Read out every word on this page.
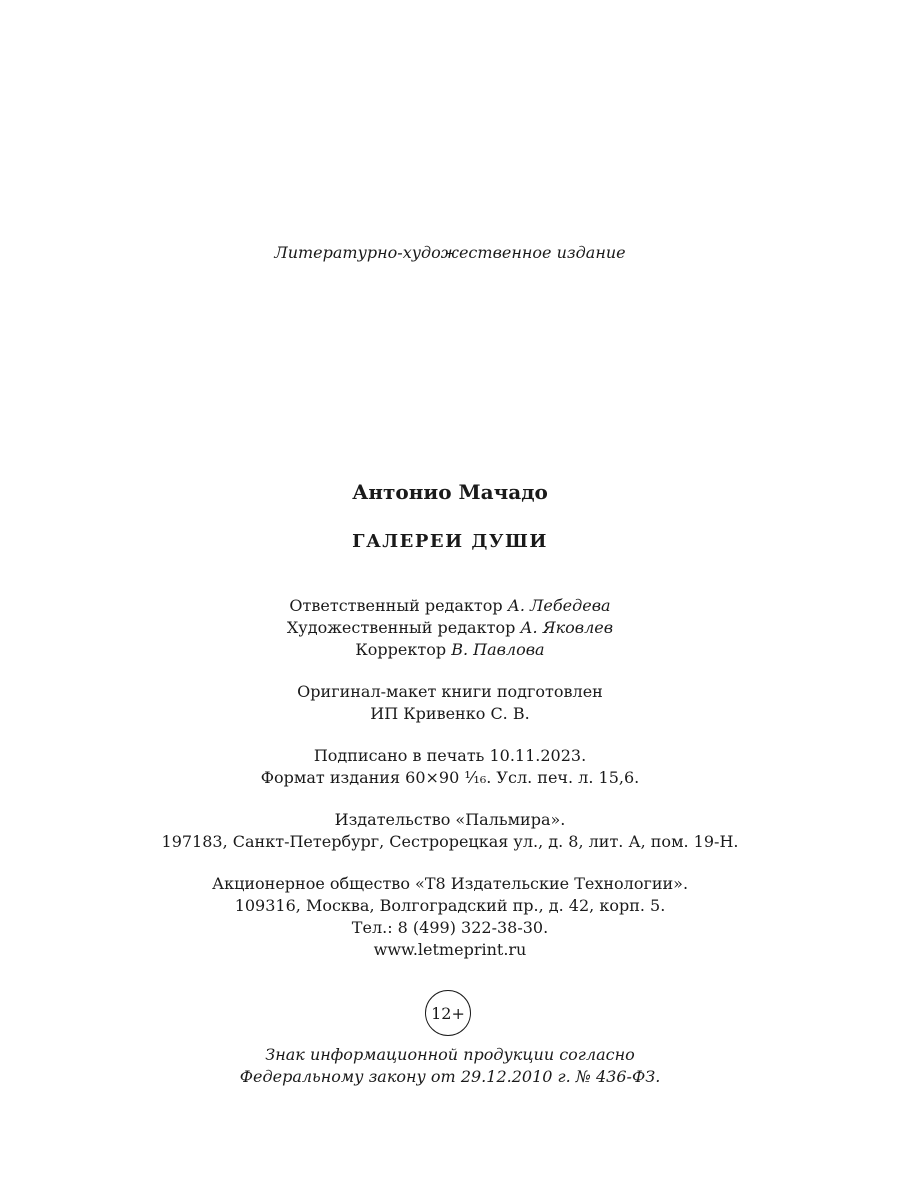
Литературно-художественное издание
Антонио Мачадо
ГАЛЕРЕИ ДУШИ
Ответственный редактор А. Лебедева
Художественный редактор А. Яковлев
Корректор В. Павлова
Оригинал-макет книги подготовлен
ИП Кривенко С. В.
Подписано в печать 10.11.2023.
Формат издания 60×90 ¹⁄₁₆. Усл. печ. л. 15,6.
Издательство «Пальмира».
197183, Санкт-Петербург, Сестрорецкая ул., д. 8, лит. А, пом. 19-Н.
Акционерное общество «Т8 Издательские Технологии».
109316, Москва, Волгоградский пр., д. 42, корп. 5.
Тел.: 8 (499) 322-38-30.
www.letmeprint.ru
12+
Знак информационной продукции согласно
Федеральному закону от 29.12.2010 г. № 436-ФЗ.
